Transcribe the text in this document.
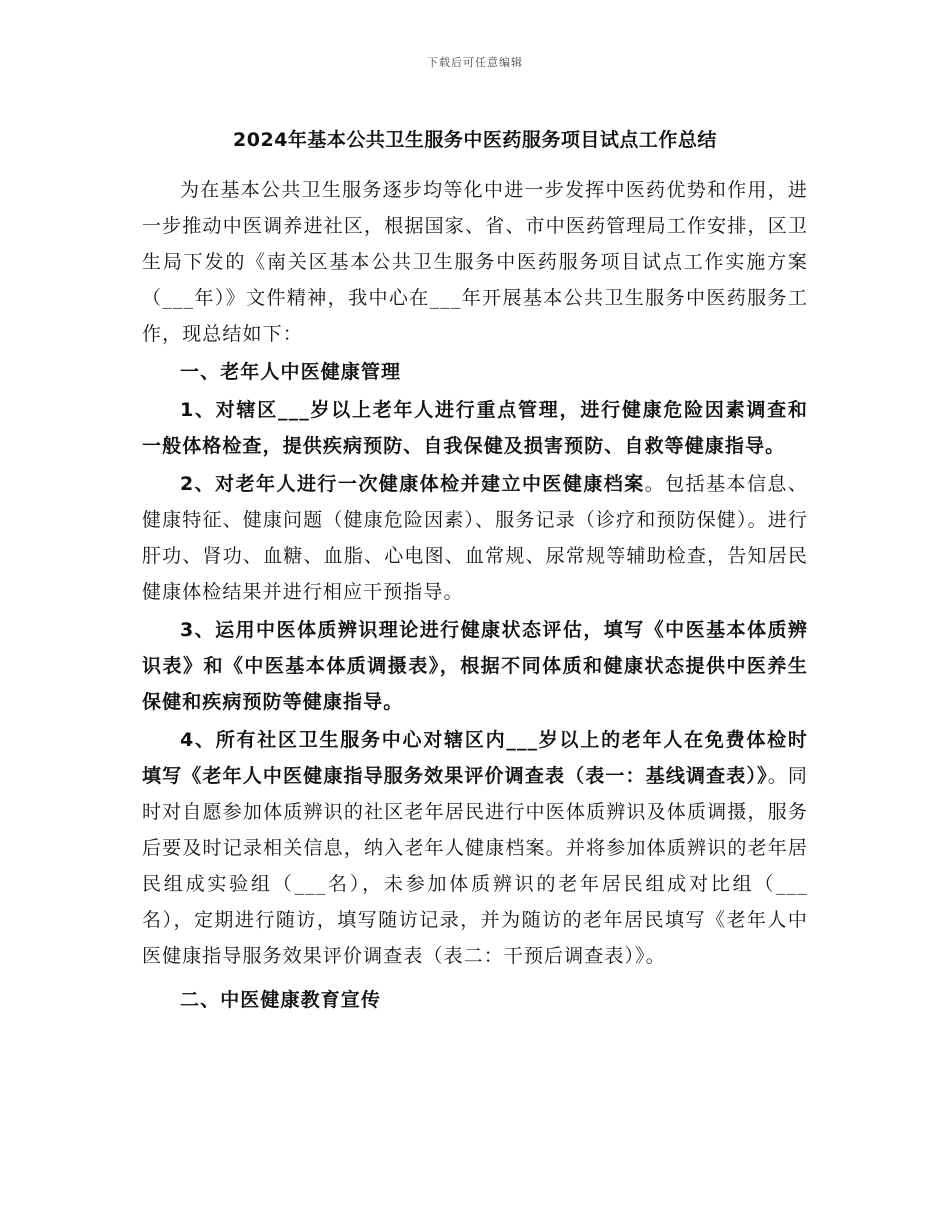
下载后可任意编辑
2024年基本公共卫生服务中医药服务项目试点工作总结

为在基本公共卫生服务逐步均等化中进一步发挥中医药优势和作用，进一步推动中医调养进社区，根据国家、省、市中医药管理局工作安排，区卫生局下发的《南关区基本公共卫生服务中医药服务项目试点工作实施方案（___年）》文件精神，我中心在___年开展基本公共卫生服务中医药服务工作，现总结如下：

一、老年人中医健康管理

1、对辖区___岁以上老年人进行重点管理，进行健康危险因素调查和一般体格检查，提供疾病预防、自我保健及损害预防、自救等健康指导。

2、对老年人进行一次健康体检并建立中医健康档案。包括基本信息、健康特征、健康问题（健康危险因素）、服务记录（诊疗和预防保健）。进行肝功、肾功、血糖、血脂、心电图、血常规、尿常规等辅助检查，告知居民健康体检结果并进行相应干预指导。

3、运用中医体质辨识理论进行健康状态评估，填写《中医基本体质辨识表》和《中医基本体质调摄表》，根据不同体质和健康状态提供中医养生保健和疾病预防等健康指导。

4、所有社区卫生服务中心对辖区内___岁以上的老年人在免费体检时填写《老年人中医健康指导服务效果评价调查表（表一：基线调查表）》。同时对自愿参加体质辨识的社区老年居民进行中医体质辨识及体质调摄，服务后要及时记录相关信息，纳入老年人健康档案。并将参加体质辨识的老年居民组成实验组（___名），未参加体质辨识的老年居民组成对比组（___名），定期进行随访，填写随访记录，并为随访的老年居民填写《老年人中医健康指导服务效果评价调查表（表二：干预后调查表）》。

二、中医健康教育宣传
